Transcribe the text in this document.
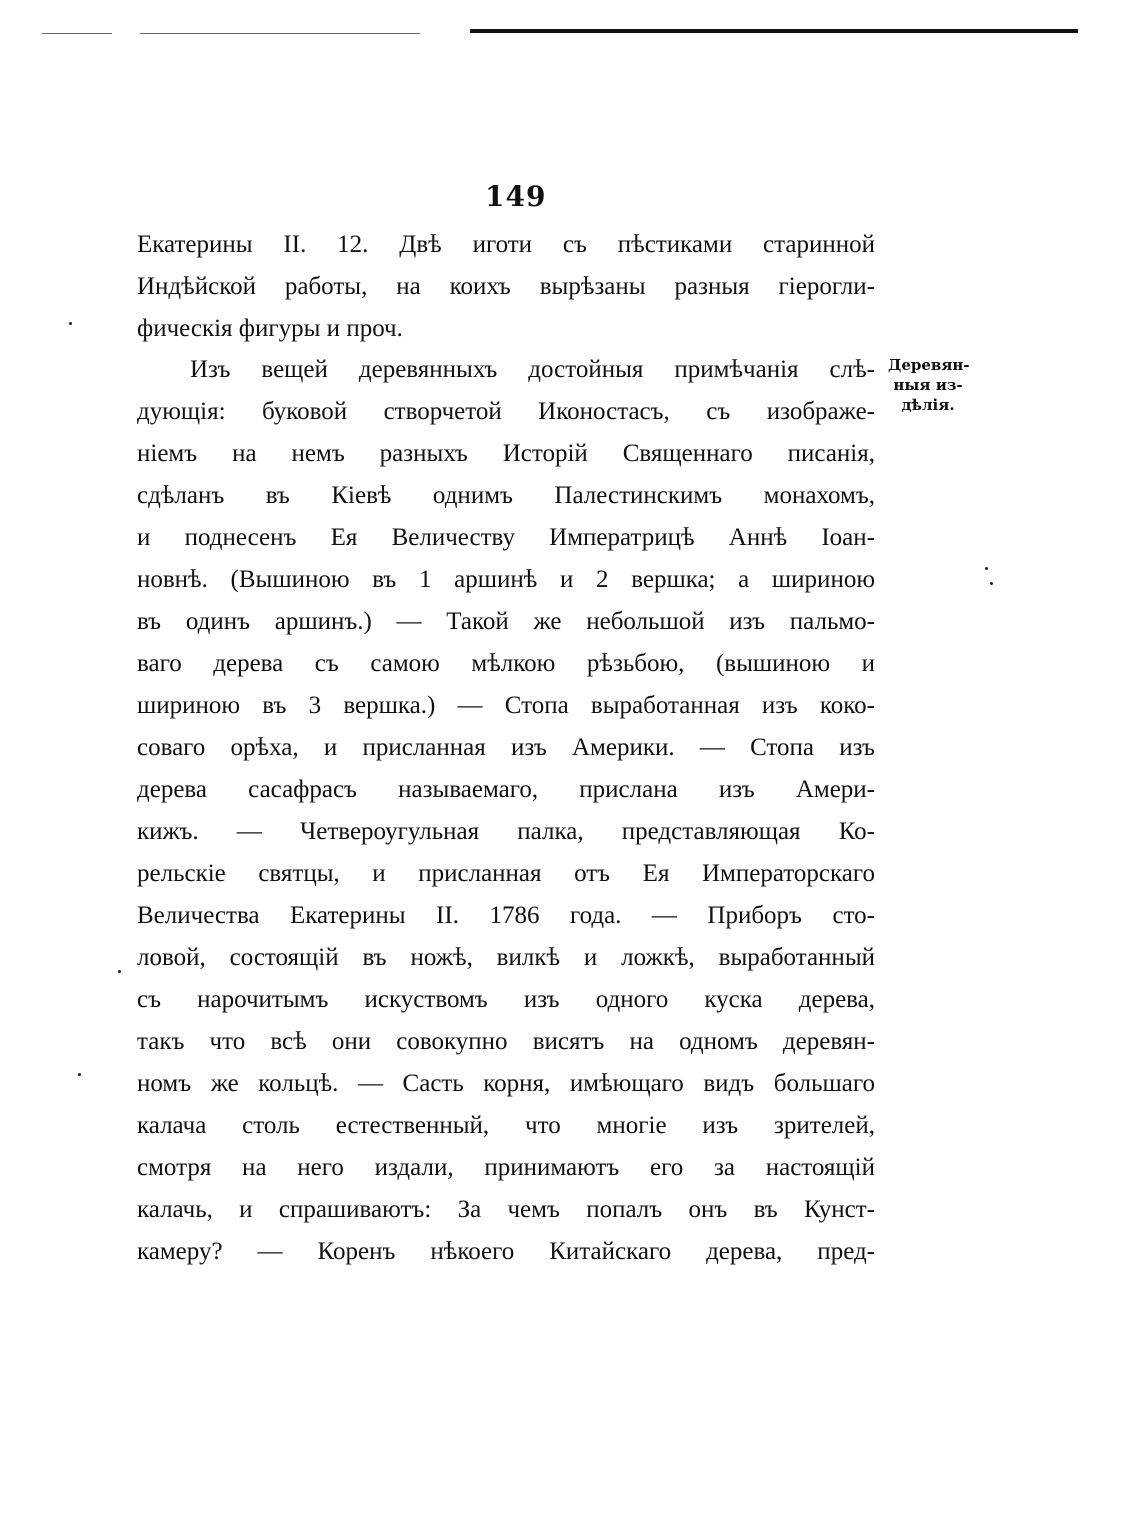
149
Екатерины II. 12. Двѣ иготи съ пѣстиками старинной
Индѣйской работы, на коихъ вырѣзаны разныя гіерогли-
фическія фигуры и проч.
Изъ вещей деревянныхъ достойныя примѣчанія слѣ-
дующія: буковой створчетой Иконостасъ, съ изображе-
ніемъ на немъ разныхъ Исторій Священнаго писанія,
сдѣланъ въ Кіевѣ однимъ Палестинскимъ монахомъ,
и поднесенъ Ея Величеству Императрицѣ Аннѣ Іоан-
новнѣ. (Вышиною въ 1 аршинѣ и 2 вершка; а шириною
въ одинъ аршинъ.) — Такой же небольшой изъ пальмо-
ваго дерева съ самою мѣлкою рѣзьбою, (вышиною и
шириною въ 3 вершка.) — Стопа выработанная изъ коко-
соваго орѣха, и присланная изъ Америки. — Стопа изъ
дерева сасафрасъ называемаго, прислана изъ Амери-
кижъ. — Четвероугульная палка, представляющая Ко-
рельскіе святцы, и присланная отъ Ея Императорскаго
Величества Екатерины II. 1786 года. — Приборъ сто-
ловой, состоящій въ ножѣ, вилкѣ и ложкѣ, выработанный
съ нарочитымъ искуствомъ изъ одного куска дерева,
такъ что всѣ они совокупно висятъ на одномъ деревян-
номъ же кольцѣ. — Састь корня, имѣющаго видъ большаго
калача столь естественный, что многіе изъ зрителей,
смотря на него издали, принимаютъ его за настоящій
калачь, и спрашиваютъ: За чемъ попалъ онъ въ Кунст-
камеру? — Коренъ нѣкоего Китайскаго дерева, пред-
Деревян-
ныя из-
дѣлія.
